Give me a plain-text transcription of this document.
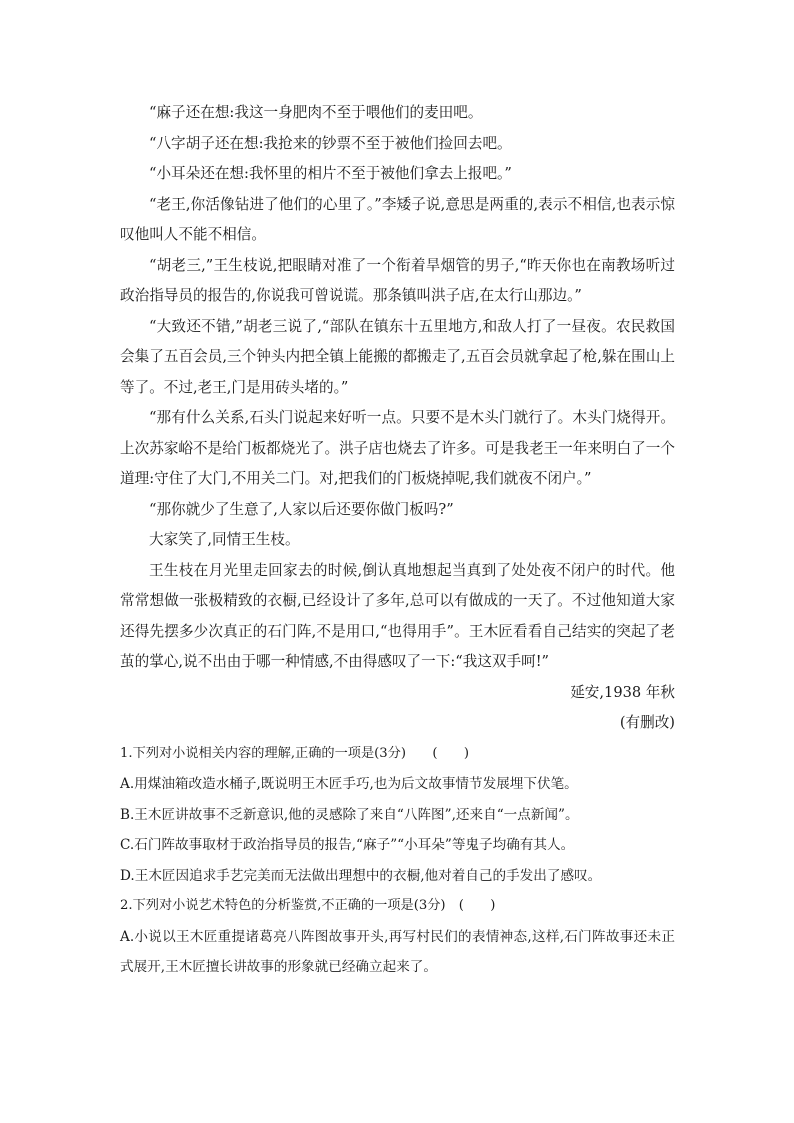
“麻子还在想:我这一身肥肉不至于喂他们的麦田吧。

“八字胡子还在想:我抢来的钞票不至于被他们捡回去吧。

“小耳朵还在想:我怀里的相片不至于被他们拿去上报吧。”

“老王,你活像钻进了他们的心里了。”李矮子说,意思是两重的,表示不相信,也表示惊叹他叫人不能不相信。

“胡老三,”王生枝说,把眼睛对准了一个衔着旱烟管的男子,“昨天你也在南教场听过政治指导员的报告的,你说我可曾说谎。那条镇叫洪子店,在太行山那边。”

“大致还不错,”胡老三说了,“部队在镇东十五里地方,和敌人打了一昼夜。农民救国会集了五百会员,三个钟头内把全镇上能搬的都搬走了,五百会员就拿起了枪,躲在围山上等了。不过,老王,门是用砖头堵的。”

“那有什么关系,石头门说起来好听一点。只要不是木头门就行了。木头门烧得开。上次苏家峪不是给门板都烧光了。洪子店也烧去了许多。可是我老王一年来明白了一个道理:守住了大门,不用关二门。对,把我们的门板烧掉呢,我们就夜不闭户。”

“那你就少了生意了,人家以后还要你做门板吗?”

大家笑了,同情王生枝。

王生枝在月光里走回家去的时候,倒认真地想起当真到了处处夜不闭户的时代。他常常想做一张极精致的衣橱,已经设计了多年,总可以有做成的一天了。不过他知道大家还得先摆多少次真正的石门阵,不是用口,“也得用手”。王木匠看看自己结实的突起了老茧的掌心,说不出由于哪一种情感,不由得感叹了一下:“我这双手呵!”

延安,1938 年秋

(有删改)

1.下列对小说相关内容的理解,正确的一项是(3分)　　(　　)

A.用煤油箱改造水桶子,既说明王木匠手巧,也为后文故事情节发展埋下伏笔。

B.王木匠讲故事不乏新意识,他的灵感除了来自“八阵图”,还来自“一点新闻”。

C.石门阵故事取材于政治指导员的报告,“麻子”“小耳朵”等鬼子均确有其人。

D.王木匠因追求手艺完美而无法做出理想中的衣橱,他对着自己的手发出了感叹。

2.下列对小说艺术特色的分析鉴赏,不正确的一项是(3分)　(　　)

A.小说以王木匠重提诸葛亮八阵图故事开头,再写村民们的表情神态,这样,石门阵故事还未正式展开,王木匠擅长讲故事的形象就已经确立起来了。
